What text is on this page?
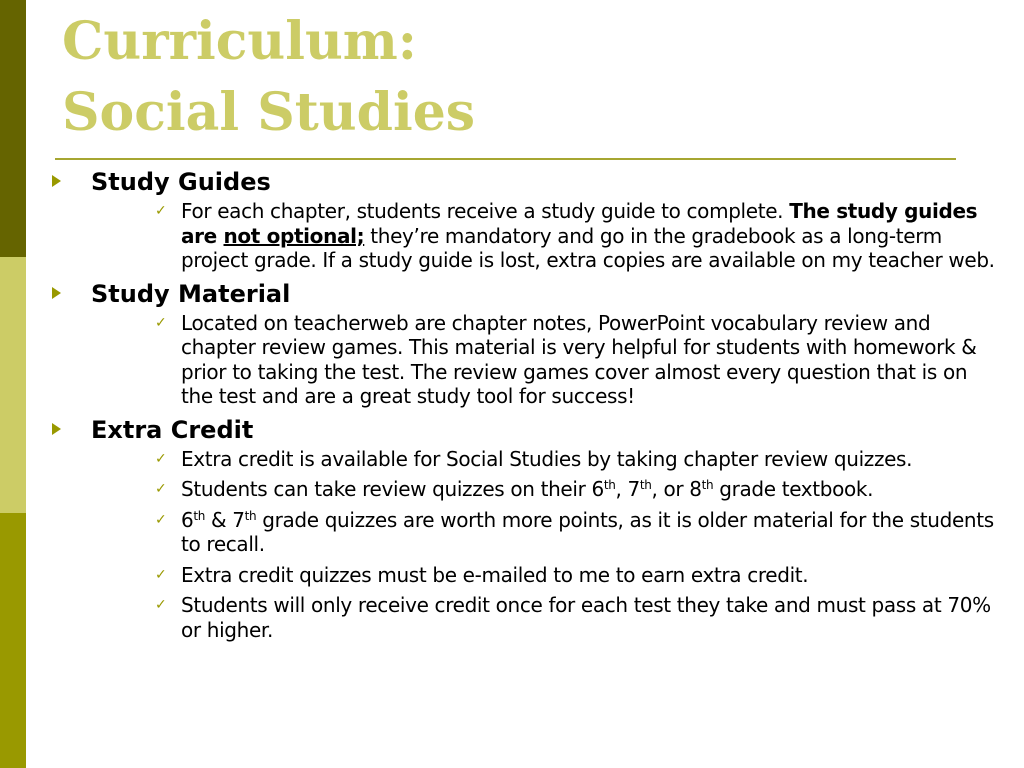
Curriculum:
Social Studies
Study Guides
✓ For each chapter, students receive a study guide to complete. The study guides are not optional; they’re mandatory and go in the gradebook as a long-term project grade. If a study guide is lost, extra copies are available on my teacher web.
Study Material
✓ Located on teacherweb are chapter notes, PowerPoint vocabulary review and chapter review games. This material is very helpful for students with homework & prior to taking the test. The review games cover almost every question that is on the test and are a great study tool for success!
Extra Credit
✓ Extra credit is available for Social Studies by taking chapter review quizzes.
✓ Students can take review quizzes on their 6th, 7th, or 8th grade textbook.
✓ 6th & 7th grade quizzes are worth more points, as it is older material for the students to recall.
✓ Extra credit quizzes must be e-mailed to me to earn extra credit.
✓ Students will only receive credit once for each test they take and must pass at 70% or higher.
